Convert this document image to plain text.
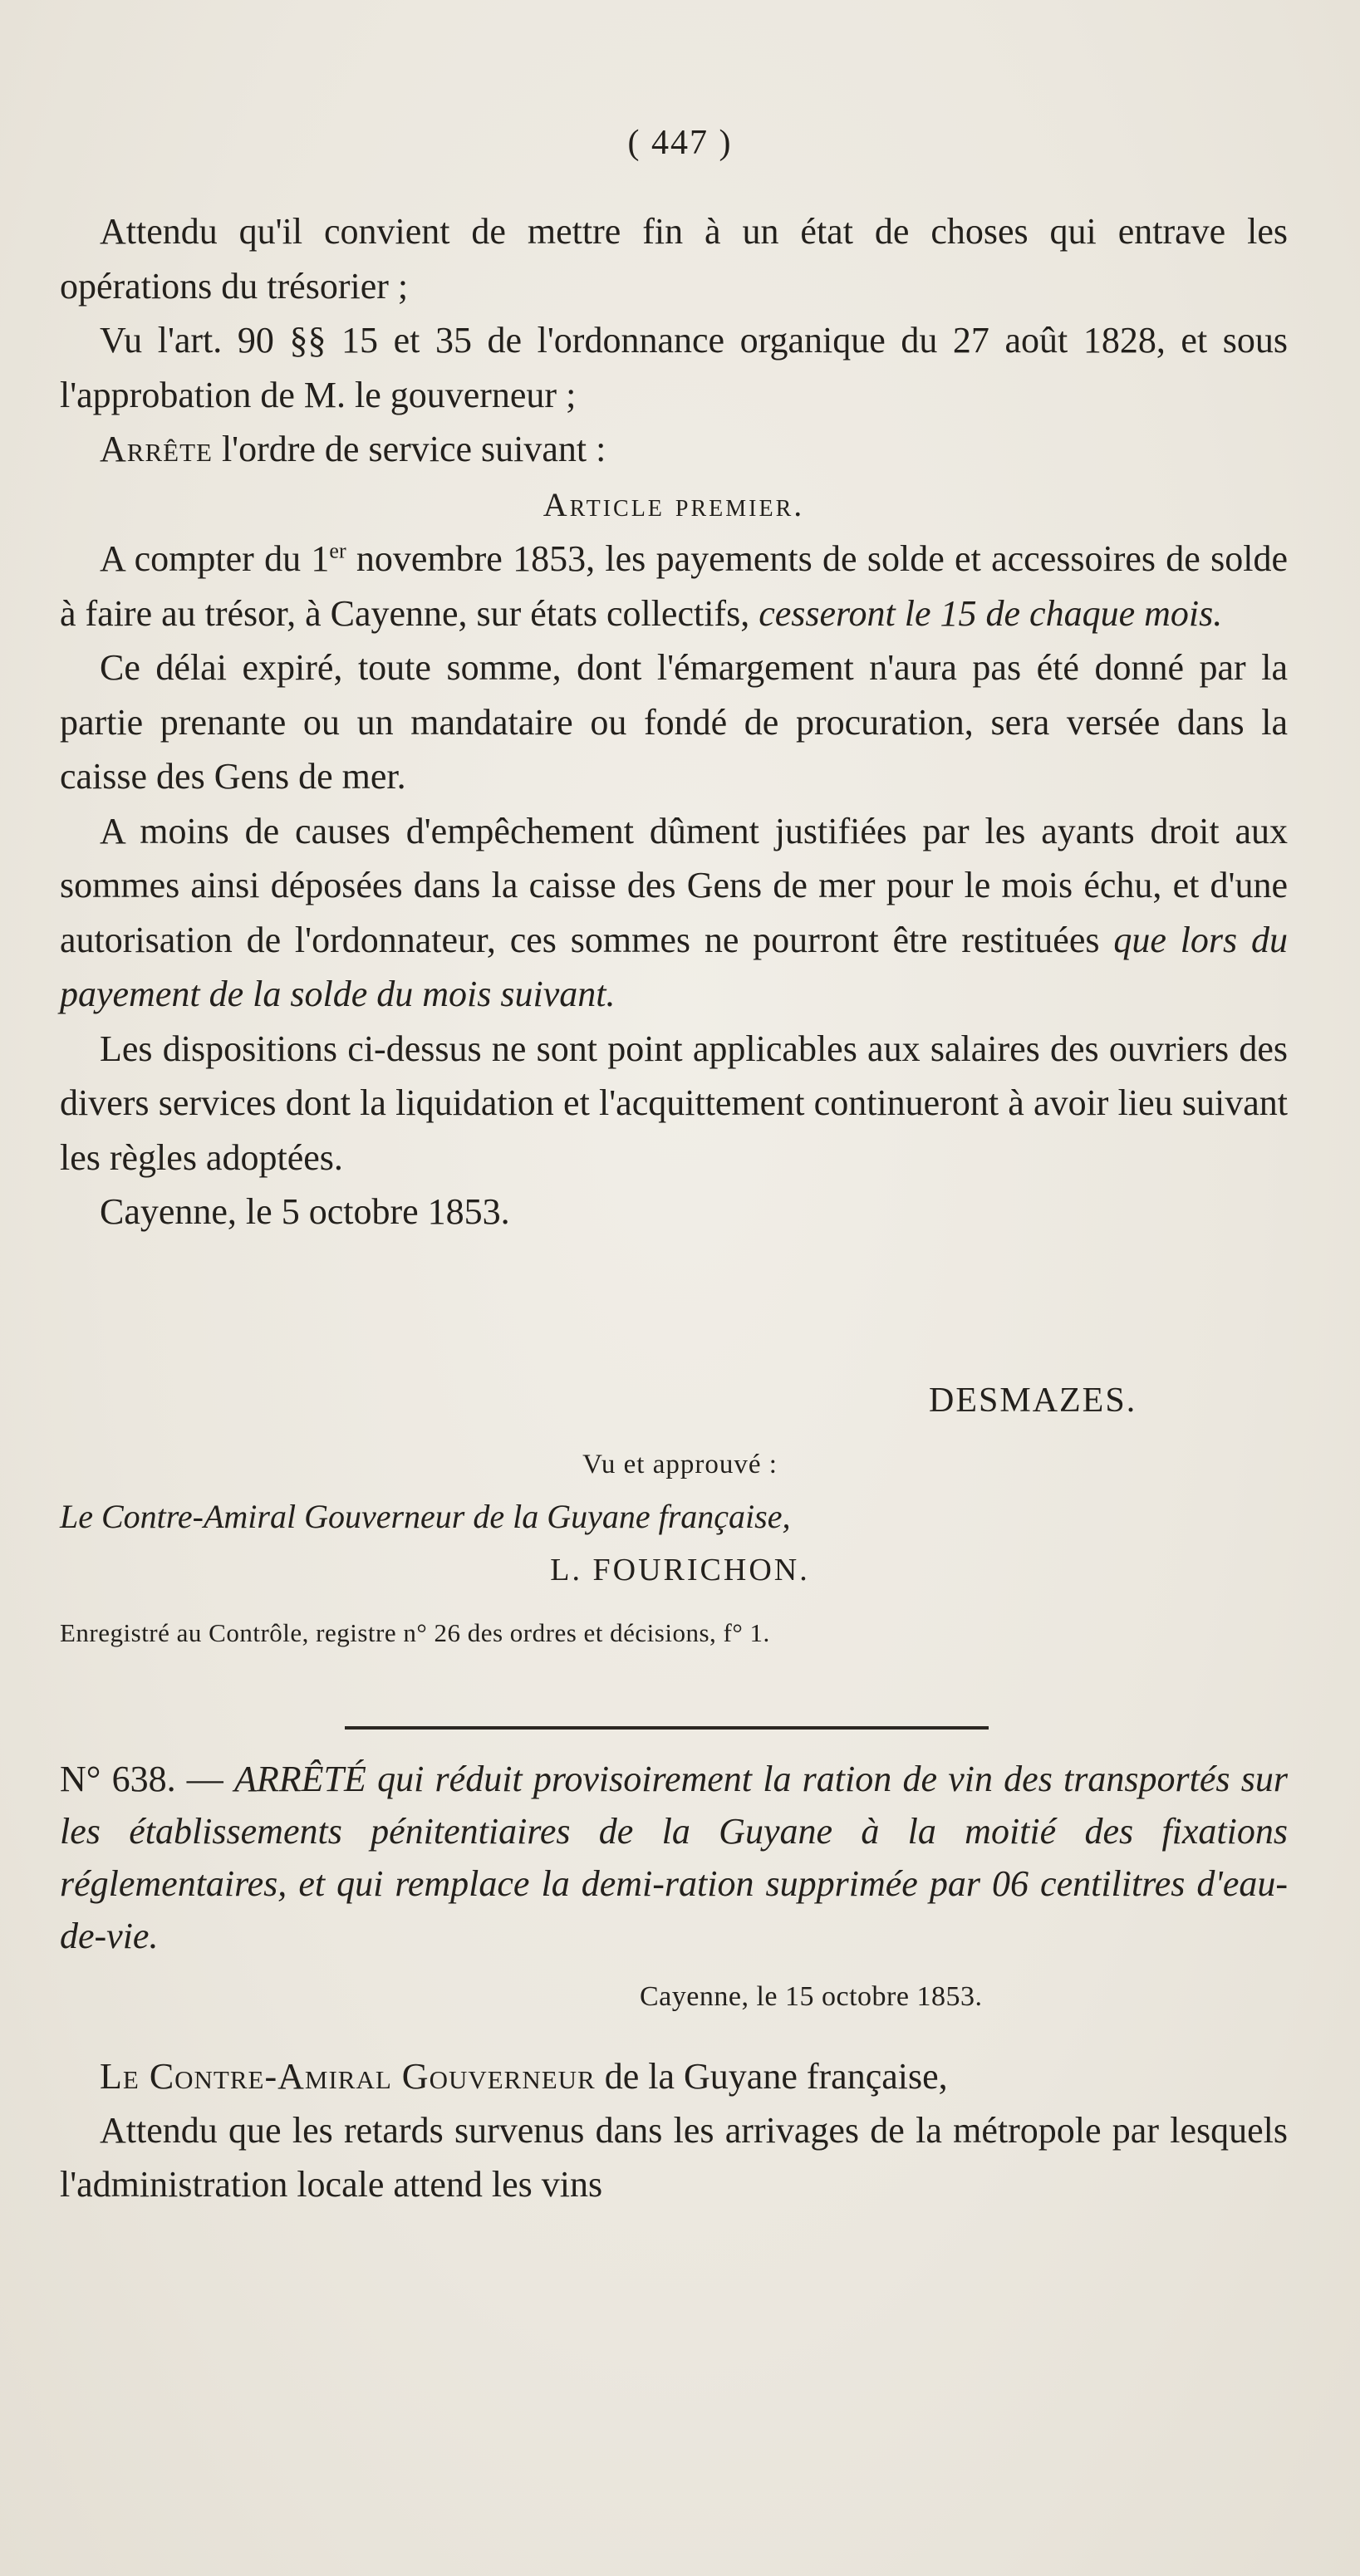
( 447 )

Attendu qu'il convient de mettre fin à un état de choses qui entrave les opérations du trésorier ;

Vu l'art. 90 §§ 15 et 35 de l'ordonnance organique du 27 août 1828, et sous l'approbation de M. le gouverneur ;

Arrête l'ordre de service suivant :

Article premier.

A compter du 1er novembre 1853, les payements de solde et accessoires de solde à faire au trésor, à Cayenne, sur états collectifs, cesseront le 15 de chaque mois.

Ce délai expiré, toute somme, dont l'émargement n'aura pas été donné par la partie prenante ou un mandataire ou fondé de procuration, sera versée dans la caisse des Gens de mer.

A moins de causes d'empêchement dûment justifiées par les ayants droit aux sommes ainsi déposées dans la caisse des Gens de mer pour le mois échu, et d'une autorisation de l'ordonnateur, ces sommes ne pourront être restituées que lors du payement de la solde du mois suivant.

Les dispositions ci-dessus ne sont point applicables aux salaires des ouvriers des divers services dont la liquidation et l'acquittement continueront à avoir lieu suivant les règles adoptées.

Cayenne, le 5 octobre 1853.

DESMAZES.
Vu et approuvé :
Le Contre-Amiral Gouverneur de la Guyane française,
L. FOURICHON.
Enregistré au Contrôle, registre n° 26 des ordres et décisions, f° 1.

N° 638. — ARRÊTÉ qui réduit provisoirement la ration de vin des transportés sur les établissements pénitentiaires de la Guyane à la moitié des fixations réglementaires, et qui remplace la demi-ration supprimée par 06 centilitres d'eau-de-vie.

Cayenne, le 15 octobre 1853.

Le Contre-Amiral Gouverneur de la Guyane française,

Attendu que les retards survenus dans les arrivages de la métropole par lesquels l'administration locale attend les vins
